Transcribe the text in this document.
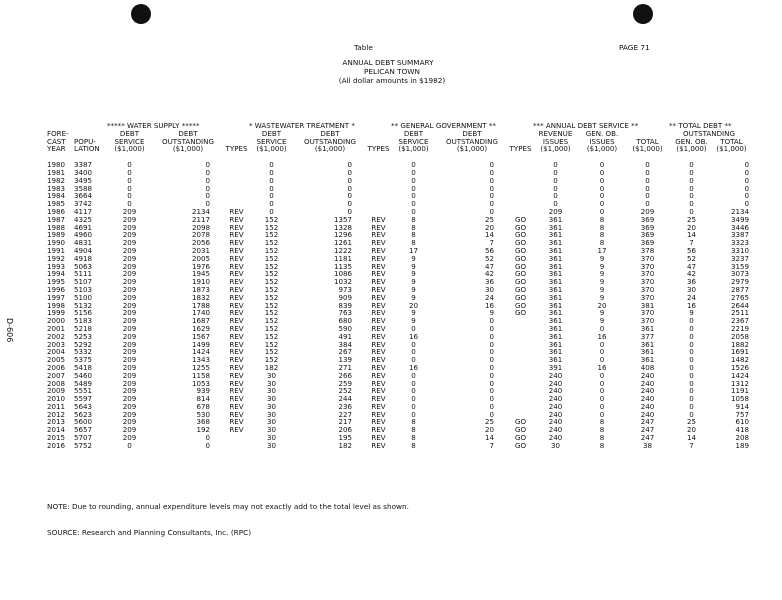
Table	PAGE 71
ANNUAL DEBT SUMMARY
PELICAN TOWN
(All dollar amounts in $1982)
D-606
		***** WATER SUPPLY *****			* WASTEWATER TREATMENT *			** GENERAL GOVERNMENT **			*** ANNUAL DEBT SERVICE **			** TOTAL DEBT **	
FORE-		DEBT	DEBT		DEBT	DEBT		DEBT	DEBT		REVENUE	GEN. OB.		OUTSTANDING	
CAST	POPU-	SERVICE	OUTSTANDING		SERVICE	OUTSTANDING		SERVICE	OUTSTANDING		ISSUES	ISSUES	TOTAL	GEN. OB.	TOTAL
YEAR	LATION	($1,000)	($1,000)	TYPES	($1,000)	($1,000)	TYPES	($1,000)	($1,000)	TYPES	($1,000)	($1,000)	($1,000)	($1,000)	($1,000)

1980	3387	0	0		0	0		0	0		0	0	0	0	0
1981	3400	0	0		0	0		0	0		0	0	0	0	0
1982	3495	0	0		0	0		0	0		0	0	0	0	0
1983	3588	0	0		0	0		0	0		0	0	0	0	0
1984	3664	0	0		0	0		0	0		0	0	0	0	0
1985	3742	0	0		0	0		0	0		0	0	0	0	0
1986	4117	209	2134	REV	0	0		0	0		209	0	209	0	2134
1987	4325	209	2117	REV	152	1357	REV	8	25	GO	361	8	369	25	3499
1988	4691	209	2098	REV	152	1328	REV	8	20	GO	361	8	369	20	3446
1989	4960	209	2078	REV	152	1296	REV	8	14	GO	361	8	369	14	3387
1990	4831	209	2056	REV	152	1261	REV	8	7	GO	361	8	369	7	3323
1991	4904	209	2031	REV	152	1222	REV	17	56	GO	361	17	378	56	3310
1992	4918	209	2005	REV	152	1181	REV	9	52	GO	361	9	370	52	3237
1993	5063	209	1976	REV	152	1135	REV	9	47	GO	361	9	370	47	3159
1994	5111	209	1945	REV	152	1086	REV	9	42	GO	361	9	370	42	3073
1995	5107	209	1910	REV	152	1032	REV	9	36	GO	361	9	370	36	2979
1996	5103	209	1873	REV	152	973	REV	9	30	GO	361	9	370	30	2877
1997	5100	209	1832	REV	152	909	REV	9	24	GO	361	9	370	24	2765
1998	5132	209	1788	REV	152	839	REV	20	16	GO	361	20	381	16	2644
1999	5156	209	1740	REV	152	763	REV	9	9	GO	361	9	370	9	2511
2000	5183	209	1687	REV	152	680	REV	9	0		361	9	370	0	2367
2001	5218	209	1629	REV	152	590	REV	0	0		361	0	361	0	2219
2002	5253	209	1567	REV	152	491	REV	16	0		361	16	377	0	2058
2003	5292	209	1499	REV	152	384	REV	0	0		361	0	361	0	1882
2004	5332	209	1424	REV	152	267	REV	0	0		361	0	361	0	1691
2005	5375	209	1343	REV	152	139	REV	0	0		361	0	361	0	1482
2006	5418	209	1255	REV	182	271	REV	16	0		391	16	408	0	1526
2007	5460	209	1158	REV	30	266	REV	0	0		240	0	240	0	1424
2008	5489	209	1053	REV	30	259	REV	0	0		240	0	240	0	1312
2009	5551	209	939	REV	30	252	REV	0	0		240	0	240	0	1191
2010	5597	209	814	REV	30	244	REV	0	0		240	0	240	0	1058
2011	5643	209	678	REV	30	236	REV	0	0		240	0	240	0	914
2012	5623	209	530	REV	30	227	REV	0	0		240	0	240	0	757
2013	5600	209	368	REV	30	217	REV	8	25	GO	240	8	247	25	610
2014	5657	209	192	REV	30	206	REV	8	20	GO	240	8	247	20	418
2015	5707	209	0		30	195	REV	8	14	GO	240	8	247	14	208
2016	5752	0	0		30	182	REV	8	7	GO	30	8	38	7	189
NOTE: Due to rounding, annual expenditure levels may not exactly add to the total level as shown.
SOURCE: Research and Planning Consultants, Inc. (RPC)
